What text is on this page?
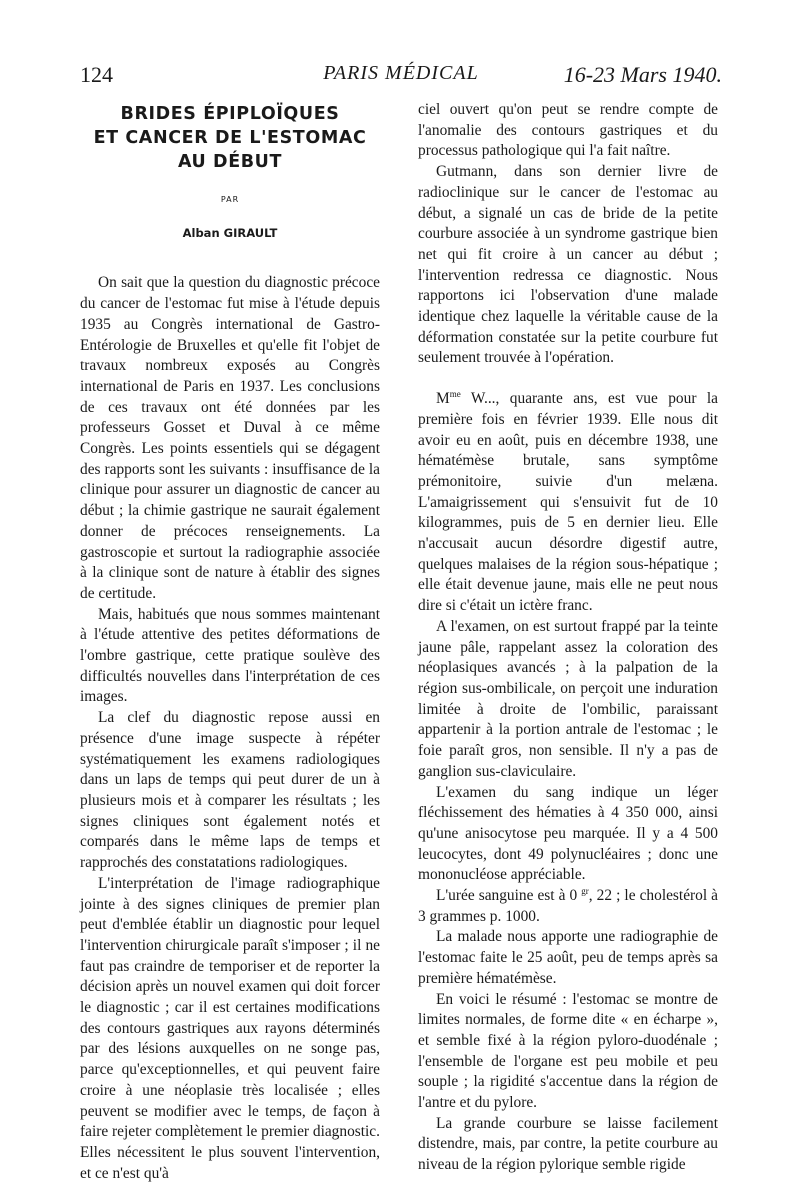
124	PARIS MÉDICAL	16-23 Mars 1940.
BRIDES ÉPIPLOÏQUES
ET CANCER DE L'ESTOMAC
AU DÉBUT
PAR
Alban GIRAULT

On sait que la question du diagnostic précoce du cancer de l'estomac fut mise à l'étude depuis 1935 au Congrès international de Gastro-Entérologie de Bruxelles et qu'elle fit l'objet de travaux nombreux exposés au Congrès international de Paris en 1937. Les conclusions de ces travaux ont été données par les professeurs Gosset et Duval à ce même Congrès. Les points essentiels qui se dégagent des rapports sont les suivants : insuffisance de la clinique pour assurer un diagnostic de cancer au début ; la chimie gastrique ne saurait également donner de précoces renseignements. La gastroscopie et surtout la radiographie associée à la clinique sont de nature à établir des signes de certitude.

Mais, habitués que nous sommes maintenant à l'étude attentive des petites déformations de l'ombre gastrique, cette pratique soulève des difficultés nouvelles dans l'interprétation de ces images.

La clef du diagnostic repose aussi en présence d'une image suspecte à répéter systématiquement les examens radiologiques dans un laps de temps qui peut durer de un à plusieurs mois et à comparer les résultats ; les signes cliniques sont également notés et comparés dans le même laps de temps et rapprochés des constatations radiologiques.

L'interprétation de l'image radiographique jointe à des signes cliniques de premier plan peut d'emblée établir un diagnostic pour lequel l'intervention chirurgicale paraît s'imposer ; il ne faut pas craindre de temporiser et de reporter la décision après un nouvel examen qui doit forcer le diagnostic ; car il est certaines modifications des contours gastriques aux rayons déterminés par des lésions auxquelles on ne songe pas, parce qu'exceptionnelles, et qui peuvent faire croire à une néoplasie très localisée ; elles peuvent se modifier avec le temps, de façon à faire rejeter complètement le premier diagnostic. Elles nécessitent le plus souvent l'intervention, et ce n'est qu'à

ciel ouvert qu'on peut se rendre compte de l'anomalie des contours gastriques et du processus pathologique qui l'a fait naître.

Gutmann, dans son dernier livre de radioclinique sur le cancer de l'estomac au début, a signalé un cas de bride de la petite courbure associée à un syndrome gastrique bien net qui fit croire à un cancer au début ; l'intervention redressa ce diagnostic. Nous rapportons ici l'observation d'une malade identique chez laquelle la véritable cause de la déformation constatée sur la petite courbure fut seulement trouvée à l'opération.

$M^{me}$ W..., quarante ans, est vue pour la première fois en février 1939. Elle nous dit avoir eu en août, puis en décembre 1938, une hématémèse brutale, sans symptôme prémonitoire, suivie d'un melæna. L'amaigrissement qui s'ensuivit fut de 10 kilogrammes, puis de 5 en dernier lieu. Elle n'accusait aucun désordre digestif autre, quelques malaises de la région sous-hépatique ; elle était devenue jaune, mais elle ne peut nous dire si c'était un ictère franc.

A l'examen, on est surtout frappé par la teinte jaune pâle, rappelant assez la coloration des néoplasiques avancés ; à la palpation de la région sus-ombilicale, on perçoit une induration limitée à droite de l'ombilic, paraissant appartenir à la portion antrale de l'estomac ; le foie paraît gros, non sensible. Il n'y a pas de ganglion sus-claviculaire.

L'examen du sang indique un léger fléchissement des hématies à 4 350 000, ainsi qu'une anisocytose peu marquée. Il y a 4 500 leucocytes, dont 49 polynucléaires ; donc une mononucléose appréciable.

L'urée sanguine est à 0 $^{gr}$, 22 ; le cholestérol à 3 grammes p. 1000.

La malade nous apporte une radiographie de l'estomac faite le 25 août, peu de temps après sa première hématémèse.

En voici le résumé : l'estomac se montre de limites normales, de forme dite « en écharpe », et semble fixé à la région pyloro-duodénale ; l'ensemble de l'organe est peu mobile et peu souple ; la rigidité s'accentue dans la région de l'antre et du pylore.

La grande courbure se laisse facilement distendre, mais, par contre, la petite courbure au niveau de la région pylorique semble rigide
